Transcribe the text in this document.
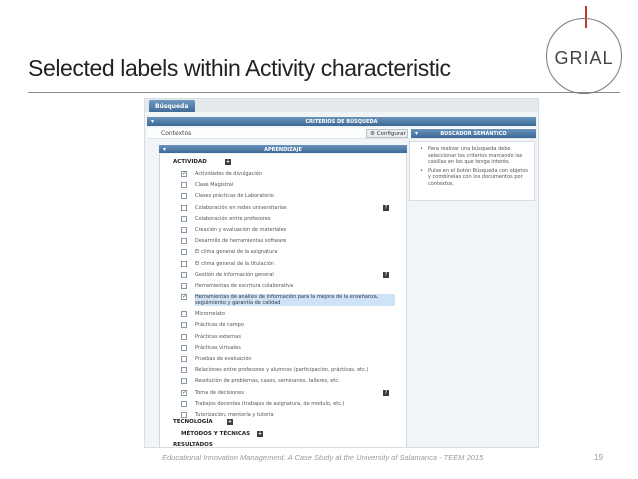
Selected labels within Activity characteristic	GRIAL
Búsqueda
▾	CRITERIOS DE BÚSQUEDA
Contextos	⚙ Configurar	▾	BUSCADOR SEMÁNTICO
▾	APRENDIZAJE
•	Para realizar una búsqueda debe seleccionar los criterios marcando las casillas en los que tenga interés.
• Pulse en el botón Búsqueda con objetos y combínelas con los documentos por contextos.
ACTIVIDAD	+
TECNOLOGÍA	+
MÉTODOS Y TÉCNICAS +
RESULTADOS
✓
Actividades de divulgación
Clase Magistral
Clases prácticas de Laboratorio
Colaboración en redes universitarias	?
Colaboración entre profesores
Creación y evaluación de materiales
Desarrollo de herramientas software
El clima general de la asignatura
El clima general de la titulación
Gestión de información general	?
Herramientas de escritura colaborativa
✓
Herramientas de análisis de información para la mejora de la enseñanza, seguimiento y garantía de calidad
Microrrelato
Prácticas de campo
Prácticas externas
Prácticas virtuales
Pruebas de evaluación
Relaciones entre profesores y alumnos (participación, prácticas, etc.)
Resolución de problemas, casos, seminarios, talleres, etc.
✓
Toma de decisiones	?
Trabajos docentes (trabajos de asignatura, de módulo, etc.)
Tutorización, mentoría y tutoría
Educational Innovation Management. A Case Study at the University of Salamanca - TEEM 2015	19
